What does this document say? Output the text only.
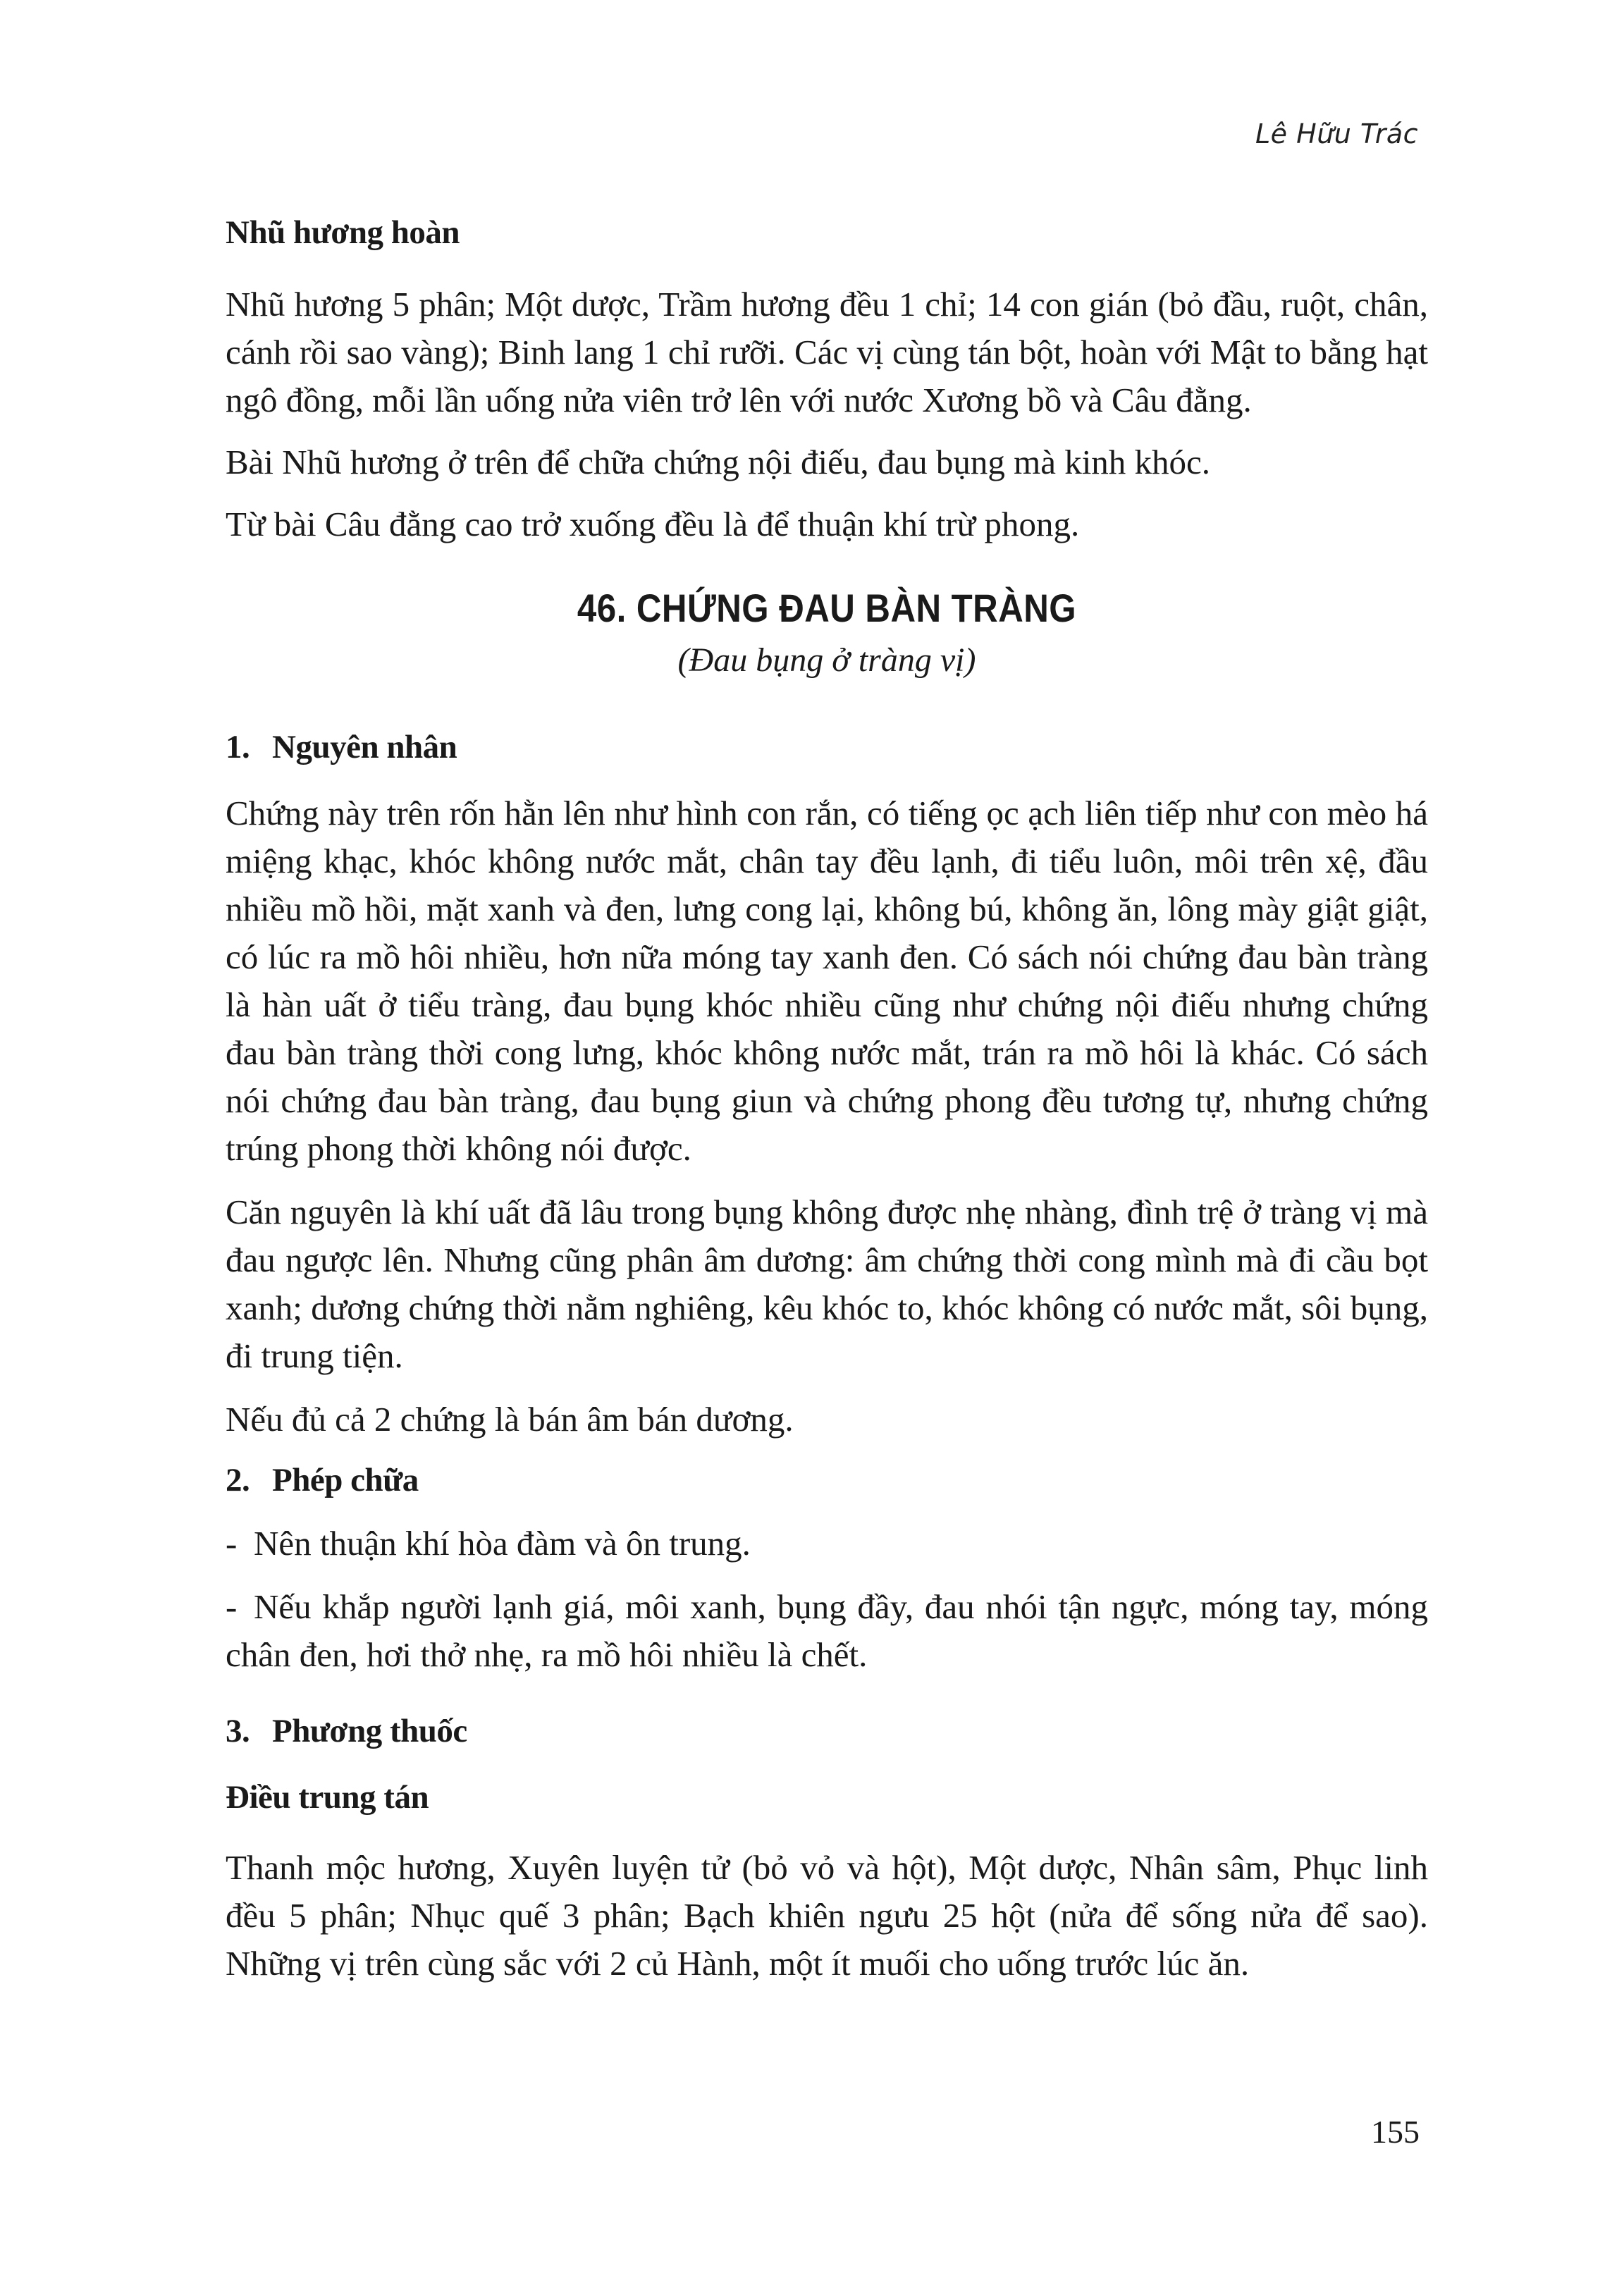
Lê Hữu Trác
Nhũ hương hoàn

Nhũ hương 5 phân; Một dược, Trầm hương đều 1 chỉ; 14 con gián (bỏ đầu, ruột, chân, cánh rồi sao vàng); Binh lang 1 chỉ rưỡi. Các vị cùng tán bột, hoàn với Mật to bằng hạt ngô đồng, mỗi lần uống nửa viên trở lên với nước Xương bồ và Câu đằng.

Bài Nhũ hương ở trên để chữa chứng nội điếu, đau bụng mà kinh khóc.

Từ bài Câu đằng cao trở xuống đều là để thuận khí trừ phong.

46. CHỨNG ĐAU BÀN TRÀNG
(Đau bụng ở tràng vị)
1. Nguyên nhân

Chứng này trên rốn hằn lên như hình con rắn, có tiếng ọc ạch liên tiếp như con mèo há miệng khạc, khóc không nước mắt, chân tay đều lạnh, đi tiểu luôn, môi trên xệ, đầu nhiều mồ hồi, mặt xanh và đen, lưng cong lại, không bú, không ăn, lông mày giật giật, có lúc ra mồ hôi nhiều, hơn nữa móng tay xanh đen. Có sách nói chứng đau bàn tràng là hàn uất ở tiểu tràng, đau bụng khóc nhiều cũng như chứng nội điếu nhưng chứng đau bàn tràng thời cong lưng, khóc không nước mắt, trán ra mồ hôi là khác. Có sách nói chứng đau bàn tràng, đau bụng giun và chứng phong đều tương tự, nhưng chứng trúng phong thời không nói được.

Căn nguyên là khí uất đã lâu trong bụng không được nhẹ nhàng, đình trệ ở tràng vị mà đau ngược lên. Nhưng cũng phân âm dương: âm chứng thời cong mình mà đi cầu bọt xanh; dương chứng thời nằm nghiêng, kêu khóc to, khóc không có nước mắt, sôi bụng, đi trung tiện.

Nếu đủ cả 2 chứng là bán âm bán dương.

2. Phép chữa

- Nên thuận khí hòa đàm và ôn trung.

- Nếu khắp người lạnh giá, môi xanh, bụng đầy, đau nhói tận ngực, móng tay, móng chân đen, hơi thở nhẹ, ra mồ hôi nhiều là chết.

3. Phương thuốc
Điều trung tán

Thanh mộc hương, Xuyên luyện tử (bỏ vỏ và hột), Một dược, Nhân sâm, Phục linh đều 5 phân; Nhục quế 3 phân; Bạch khiên ngưu 25 hột (nửa để sống nửa để sao). Những vị trên cùng sắc với 2 củ Hành, một ít muối cho uống trước lúc ăn.

155
